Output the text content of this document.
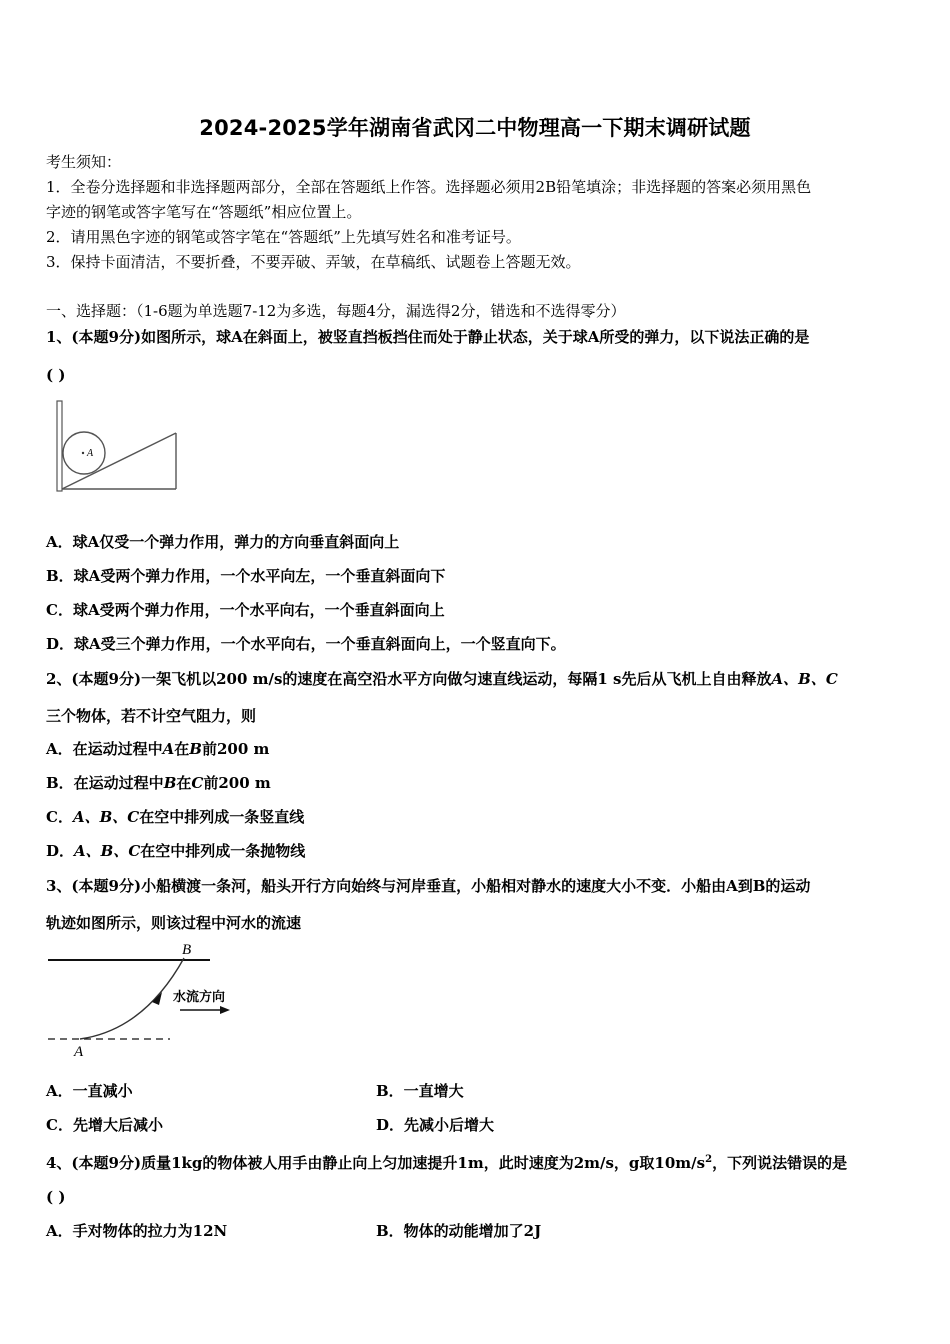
2024-2025学年湖南省武冈二中物理高一下期末调研试题
考生须知：
1．全卷分选择题和非选择题两部分，全部在答题纸上作答。选择题必须用2B铅笔填涂；非选择题的答案必须用黑色
字迹的钢笔或答字笔写在“答题纸”相应位置上。
2．请用黑色字迹的钢笔或答字笔在“答题纸”上先填写姓名和准考证号。
3．保持卡面清洁，不要折叠，不要弄破、弄皱，在草稿纸、试题卷上答题无效。
一、选择题：（1-6题为单选题7-12为多选，每题4分，漏选得2分，错选和不选得零分）
1、(本题9分)如图所示，球A在斜面上，被竖直挡板挡住而处于静止状态，关于球A所受的弹力，以下说法正确的是
( )
A
A．球A仅受一个弹力作用，弹力的方向垂直斜面向上
B．球A受两个弹力作用，一个水平向左，一个垂直斜面向下
C．球A受两个弹力作用，一个水平向右，一个垂直斜面向上
D．球A受三个弹力作用，一个水平向右，一个垂直斜面向上，一个竖直向下。
2、(本题9分)一架飞机以200 m/s的速度在高空沿水平方向做匀速直线运动，每隔1 s先后从飞机上自由释放A、B、C
三个物体，若不计空气阻力，则
A．在运动过程中A在B前200 m
B．在运动过程中B在C前200 m
C．A、B、C在空中排列成一条竖直线
D．A、B、C在空中排列成一条抛物线
3、(本题9分)小船横渡一条河，船头开行方向始终与河岸垂直，小船相对静水的速度大小不变．小船由A到B的运动
轨迹如图所示，则该过程中河水的流速
B
A
水流方向
A．一直减小	B．一直增大
C．先增大后减小	D．先减小后增大
4、(本题9分)质量1kg的物体被人用手由静止向上匀加速提升1m，此时速度为2m/s，g取$10m/s^2$，下列说法错误的是
( )
A．手对物体的拉力为12N	B．物体的动能增加了2J
